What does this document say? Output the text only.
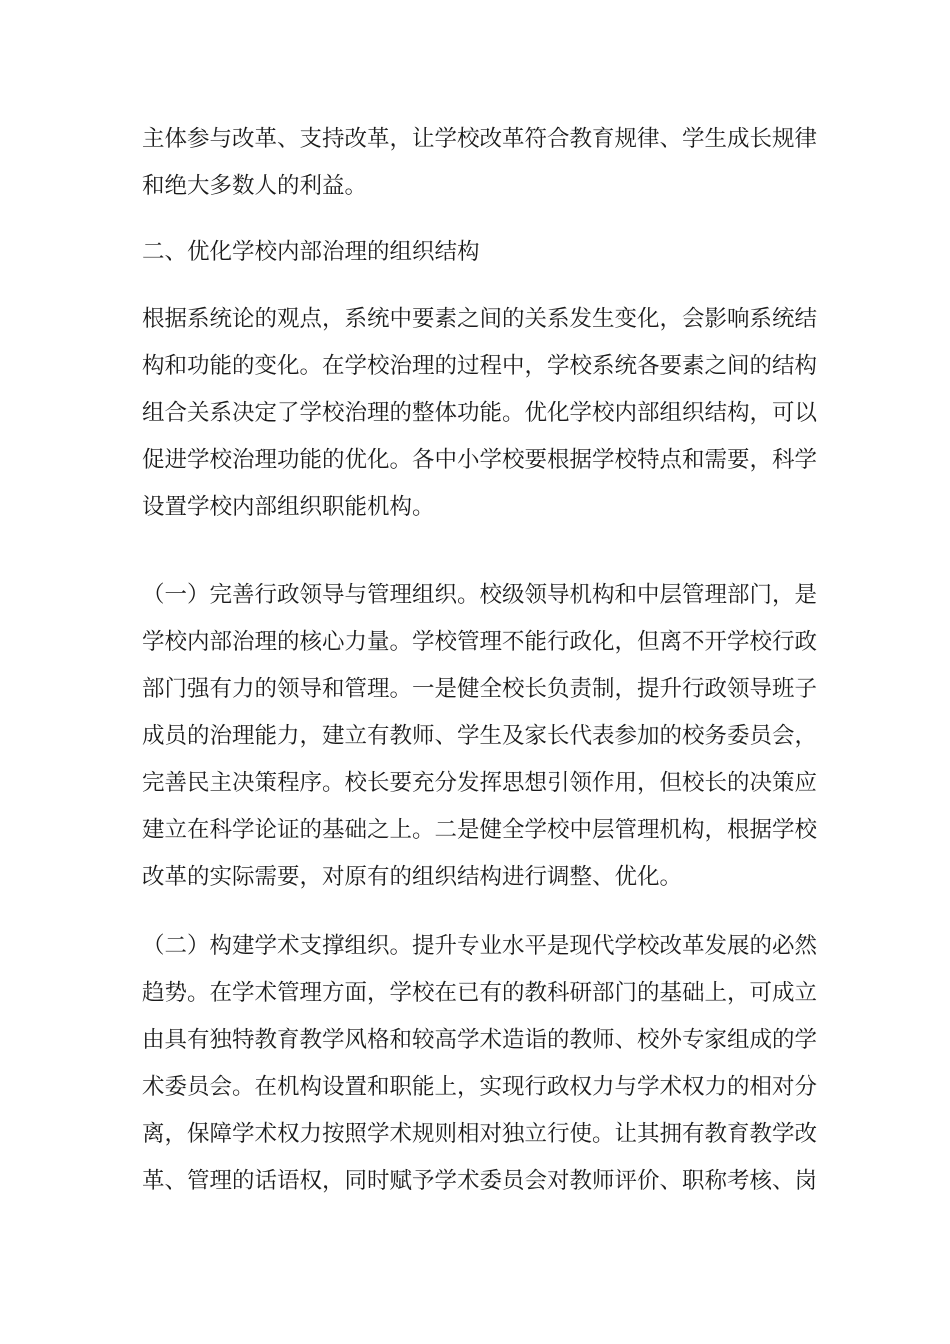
主体参与改革、支持改革，让学校改革符合教育规律、学生成长规律
和绝大多数人的利益。
二、优化学校内部治理的组织结构
根据系统论的观点，系统中要素之间的关系发生变化，会影响系统结
构和功能的变化。在学校治理的过程中，学校系统各要素之间的结构
组合关系决定了学校治理的整体功能。优化学校内部组织结构，可以
促进学校治理功能的优化。各中小学校要根据学校特点和需要，科学
设置学校内部组织职能机构。
（一）完善行政领导与管理组织。校级领导机构和中层管理部门，是
学校内部治理的核心力量。学校管理不能行政化，但离不开学校行政
部门强有力的领导和管理。一是健全校长负责制，提升行政领导班子
成员的治理能力，建立有教师、学生及家长代表参加的校务委员会，
完善民主决策程序。校长要充分发挥思想引领作用，但校长的决策应
建立在科学论证的基础之上。二是健全学校中层管理机构，根据学校
改革的实际需要，对原有的组织结构进行调整、优化。
（二）构建学术支撑组织。提升专业水平是现代学校改革发展的必然
趋势。在学术管理方面，学校在已有的教科研部门的基础上，可成立
由具有独特教育教学风格和较高学术造诣的教师、校外专家组成的学
术委员会。在机构设置和职能上，实现行政权力与学术权力的相对分
离，保障学术权力按照学术规则相对独立行使。让其拥有教育教学改
革、管理的话语权，同时赋予学术委员会对教师评价、职称考核、岗
